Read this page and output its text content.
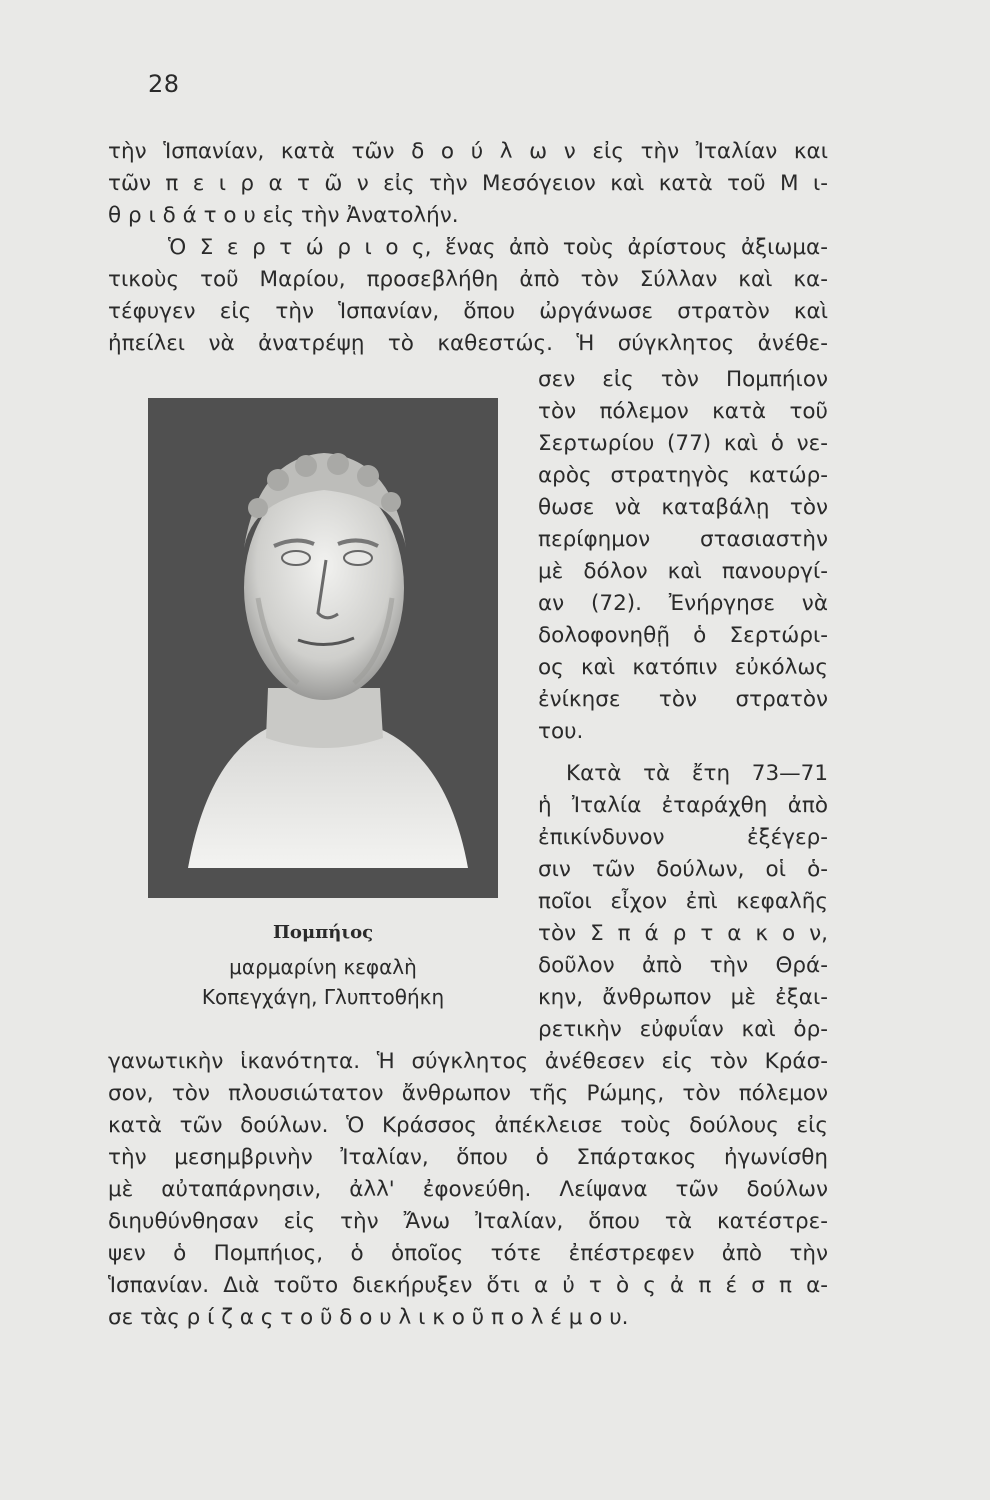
28
τὴν Ἱσπανίαν, κατὰ τῶν δ ο ύ λ ω ν εἰς τὴν Ἰταλίαν και
τῶν π ε ι ρ α τ ῶ ν εἰς τὴν Μεσόγειον καὶ κατὰ τοῦ Μ ι-
θ ρ ι δ ά τ ο υ εἰς τὴν Ἀνατολήν.
Ὁ Σ ε ρ τ ώ ρ ι ο ς, ἕνας ἀπὸ τοὺς ἀρίστους ἀξιωμα-
τικοὺς τοῦ Μαρίου, προσεβλήθη ἀπὸ τὸν Σύλλαν καὶ κα-
τέφυγεν εἰς τὴν Ἱσπανίαν, ὅπου ὠργάνωσε στρατὸν καὶ
ἠπείλει νὰ ἀνατρέψῃ τὸ καθεστώς. Ἡ σύγκλητος ἀνέθε-
Πομπήιος
μαρμαρίνη κεφαλὴ
Κοπεγχάγη, Γλυπτοθήκη
σεν εἰς τὸν Πομπήιον
τὸν πόλεμον κατὰ τοῦ
Σερτωρίου (77) καὶ ὁ νε-
αρὸς στρατηγὸς κατώρ-
θωσε νὰ καταβάλῃ τὸν
περίφημον στασιαστὴν
μὲ δόλον καὶ πανουργί-
αν (72). Ἐνήργησε νὰ
δολοφονηθῇ ὁ Σερτώρι-
ος καὶ κατόπιν εὐκόλως
ἐνίκησε τὸν στρατὸν
του.
Κατὰ τὰ ἔτη 73—71
ἡ Ἰταλία ἐταράχθη ἀπὸ
ἐπικίνδυνον ἐξέγερ-
σιν τῶν δούλων, οἱ ὁ-
ποῖοι εἶχον ἐπὶ κεφαλῆς
τὸν Σ π ά ρ τ α κ ο ν,
δοῦλον ἀπὸ τὴν Θρά-
κην, ἄνθρωπον μὲ ἐξαι-
ρετικὴν εὐφυΐαν καὶ ὀρ-
γανωτικὴν ἱκανότητα. Ἡ σύγκλητος ἀνέθεσεν εἰς τὸν Κράσ-
σον, τὸν πλουσιώτατον ἄνθρωπον τῆς Ρώμης, τὸν πόλεμον
κατὰ τῶν δούλων. Ὁ Κράσσος ἀπέκλεισε τοὺς δούλους εἰς
τὴν μεσημβρινὴν Ἰταλίαν, ὅπου ὁ Σπάρτακος ἠγωνίσθη
μὲ αὐταπάρνησιν, ἀλλ' ἐφονεύθη. Λείψανα τῶν δούλων
διηυθύνθησαν εἰς τὴν Ἄνω Ἰταλίαν, ὅπου τὰ κατέστρε-
ψεν ὁ Πομπήιος, ὁ ὁποῖος τότε ἐπέστρεφεν ἀπὸ τὴν
Ἱσπανίαν. Διὰ τοῦτο διεκήρυξεν ὅτι α ὐ τ ὸ ς ἀ π έ σ π α-
σε τὰς ρ ί ζ α ς τ ο ῦ δ ο υ λ ι κ ο ῦ π ο λ έ μ ο υ.
